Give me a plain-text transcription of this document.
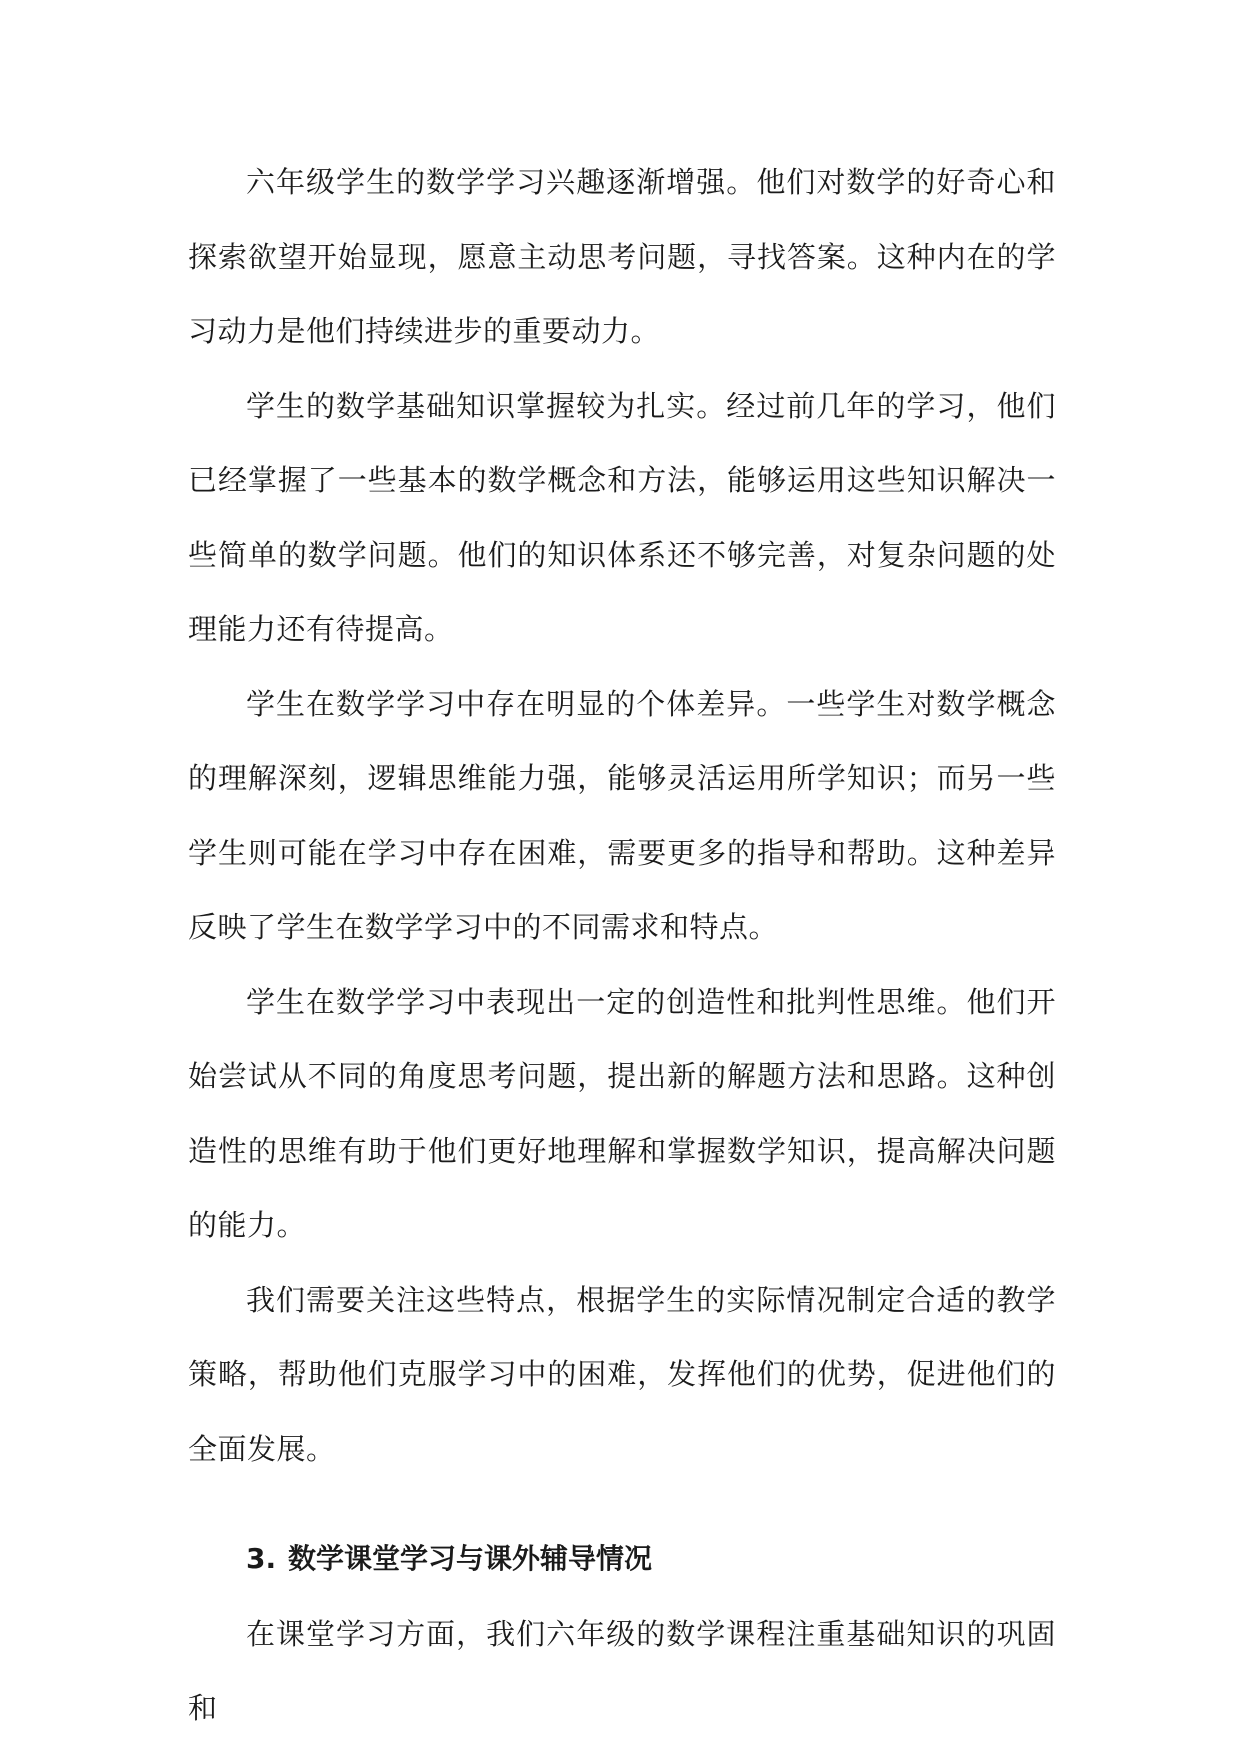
六年级学生的数学学习兴趣逐渐增强。他们对数学的好奇心和探索欲望开始显现，愿意主动思考问题，寻找答案。这种内在的学习动力是他们持续进步的重要动力。

学生的数学基础知识掌握较为扎实。经过前几年的学习，他们已经掌握了一些基本的数学概念和方法，能够运用这些知识解决一些简单的数学问题。他们的知识体系还不够完善，对复杂问题的处理能力还有待提高。

学生在数学学习中存在明显的个体差异。一些学生对数学概念的理解深刻，逻辑思维能力强，能够灵活运用所学知识；而另一些学生则可能在学习中存在困难，需要更多的指导和帮助。这种差异反映了学生在数学学习中的不同需求和特点。

学生在数学学习中表现出一定的创造性和批判性思维。他们开始尝试从不同的角度思考问题，提出新的解题方法和思路。这种创造性的思维有助于他们更好地理解和掌握数学知识，提高解决问题的能力。

我们需要关注这些特点，根据学生的实际情况制定合适的教学策略，帮助他们克服学习中的困难，发挥他们的优势，促进他们的全面发展。

3. 数学课堂学习与课外辅导情况

在课堂学习方面，我们六年级的数学课程注重基础知识的巩固和
